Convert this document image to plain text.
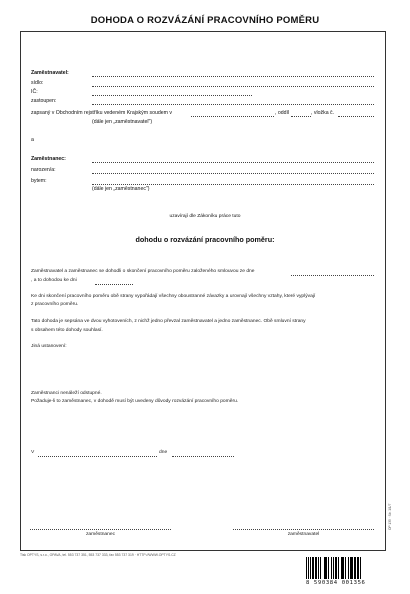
DOHODA O ROZVÁZÁNÍ PRACOVNÍHO POMĚRU
Zaměstnavatel:
sídlo:
IČ:
zastoupen:
zapsaný v Obchodním rejstříku vedeném Krajským soudem v	, oddíl	, vložka č.
(dále jen „zaměstnavatel")
a
Zaměstnanec:
narozen/a:
bytem:
(dále jen „zaměstnanec")
uzavírají dle Zákoníku práce tuto
dohodu o rozvázání pracovního poměru:
Zaměstnavatel a zaměstnanec se dohodli o skončení pracovního poměru založeného smlouvou ze dne
, a to dohodou ke dni
Ke dni skončení pracovního poměru obě strany vypořádají všechny oboustranné závazky a urovnají všechny vztahy, které vyplývají
z pracovního poměru.
Tato dohoda je sepsána ve dvou vyhotoveních, z nichž jedno převzal zaměstnavatel a jedno zaměstnanec. Obě smluvní strany
s obsahem této dohody souhlasí.
Jiná ustanovení:
Zaměstnanci nenáleží odstupné.
Požaduje-li to zaměstnanec, v dohodě musí být uvedeny důvody rozvázání pracovního poměru.
V	dne
zaměstnanec	zaměstnavatel
OP 135 · Str. 1/1/7
Tisk OPTYS, s.r.o., OPAVA, tel. 553 737 351, 553 737 333, fax 553 737 319 · HTTP://WWW.OPTYS.CZ
8 590384 001356
